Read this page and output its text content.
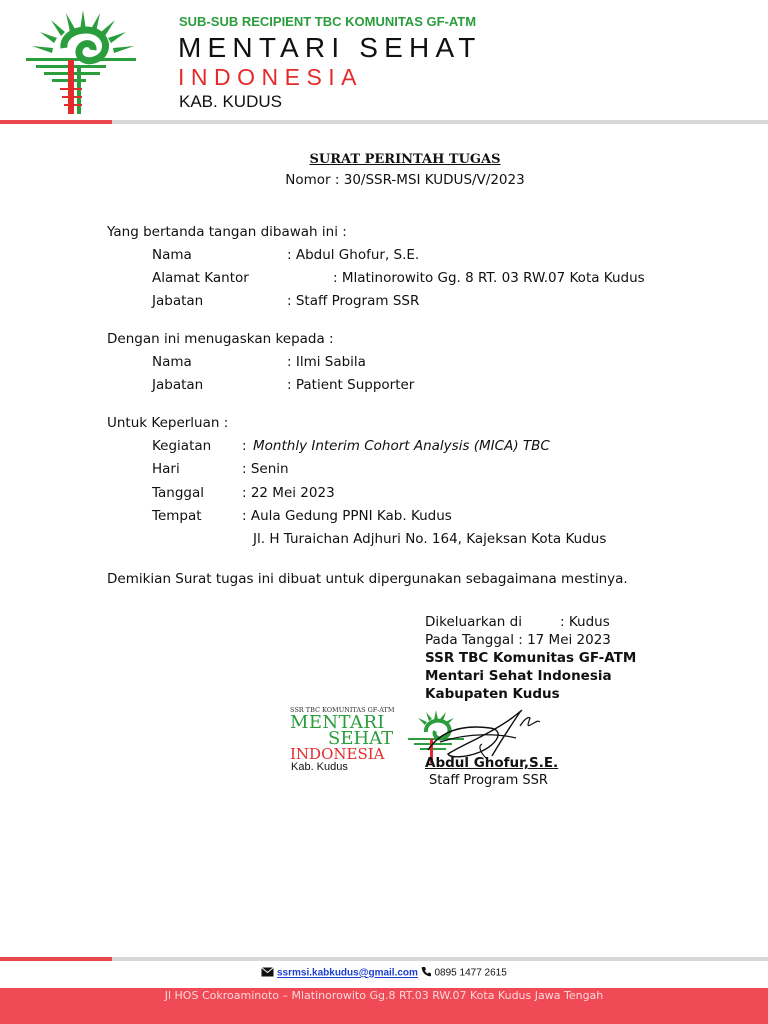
SUB-SUB RECIPIENT TBC KOMUNITAS GF-ATM
MENTARI SEHAT
INDONESIA
KAB. KUDUS
SURAT PERINTAH TUGAS
Nomor : 30/SSR-MSI KUDUS/V/2023
Yang bertanda tangan dibawah ini :
Nama	: Abdul Ghofur, S.E.
Alamat Kantor	: Mlatinorowito Gg. 8 RT. 03 RW.07 Kota Kudus
Jabatan	: Staff Program SSR
Dengan ini menugaskan kepada :
Nama	: Ilmi Sabila
Jabatan	: Patient Supporter
Untuk Keperluan :
Kegiatan : Monthly Interim Cohort Analysis (MICA) TBC
Hari	: Senin
Tanggal	: 22 Mei 2023
Tempat	: Aula Gedung PPNI Kab. Kudus
Jl. H Turaichan Adjhuri No. 164, Kajeksan Kota Kudus
Demikian Surat tugas ini dibuat untuk dipergunakan sebagaimana mestinya.
Dikeluarkan di	: Kudus
Pada Tanggal : 17 Mei 2023
SSR TBC Komunitas GF-ATM
Mentari Sehat Indonesia
Kabupaten Kudus
SSR TBC KOMUNITAS GF-ATM
MENTARI
SEHAT
INDONESIA
Kab. Kudus	Abdul Ghofur,S.E.
Staff Program SSR
ssrmsi.kabkudus@gmail.com 0895 1477 2615
Jl HOS Cokroaminoto – Mlatinorowito Gg.8 RT.03 RW.07 Kota Kudus Jawa Tengah
